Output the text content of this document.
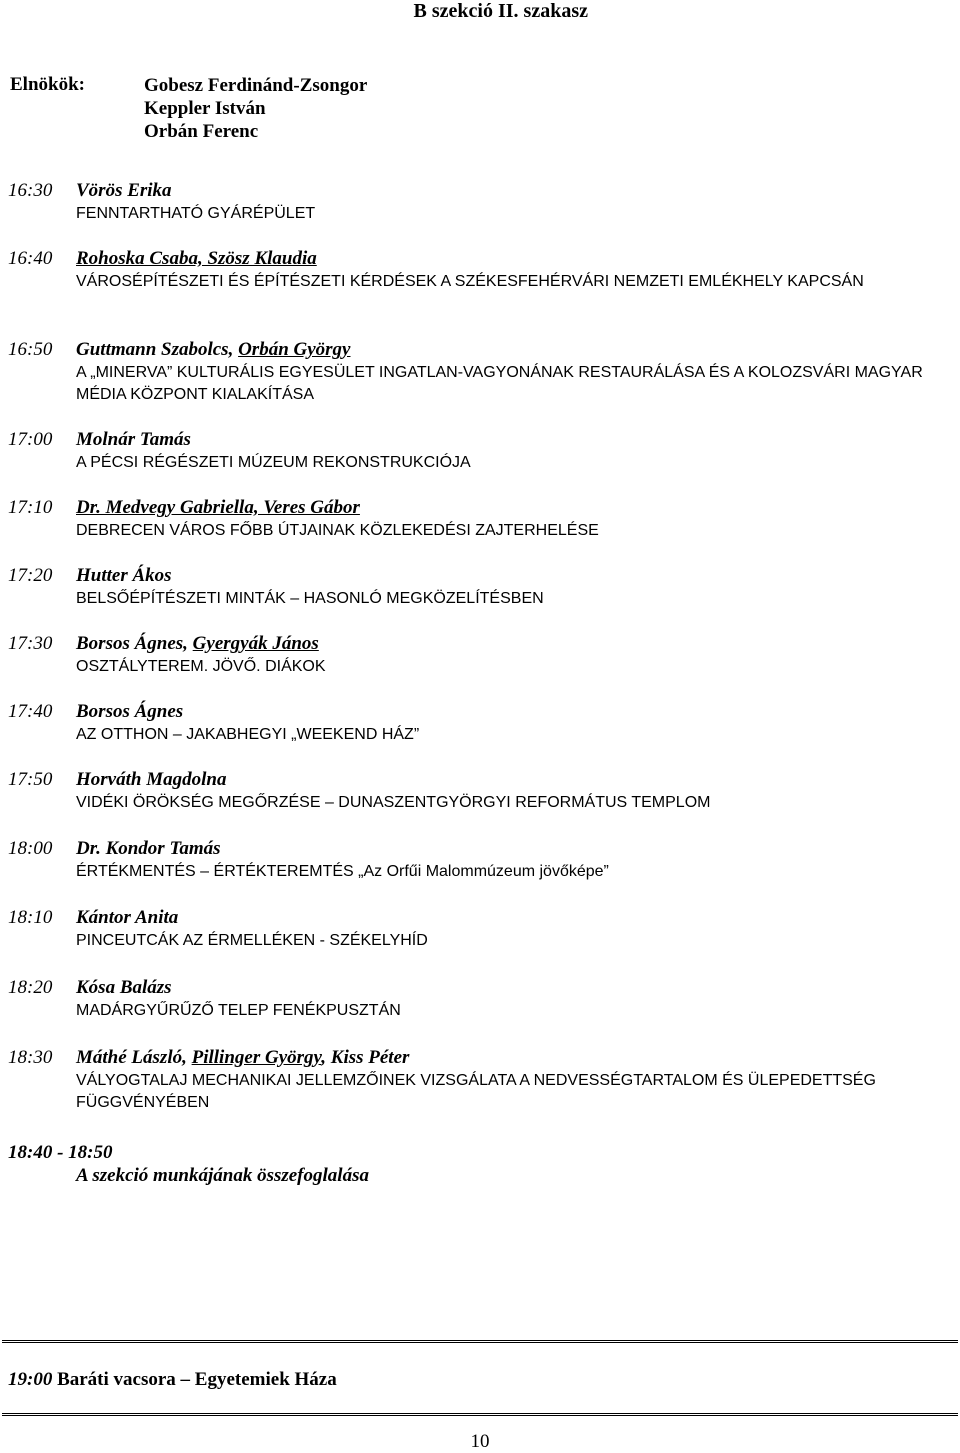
B szekció II. szakasz
Elnökök:	Gobesz Ferdinánd-Zsongor
Keppler István
Orbán Ferenc
16:30 Vörös Erika
FENNTARTHATÓ GYÁRÉPÜLET
16:40 Rohoska Csaba, Szösz Klaudia
VÁROSÉPÍTÉSZETI ÉS ÉPÍTÉSZETI KÉRDÉSEK A SZÉKESFEHÉRVÁRI NEMZETI EMLÉKHELY KAPCSÁN
16:50 Guttmann Szabolcs, Orbán György
A „MINERVA” KULTURÁLIS EGYESÜLET INGATLAN-VAGYONÁNAK RESTAURÁLÁSA ÉS A KOLOZSVÁRI MAGYAR MÉDIA KÖZPONT KIALAKÍTÁSA
17:00 Molnár Tamás
A PÉCSI RÉGÉSZETI MÚZEUM REKONSTRUKCIÓJA
17:10 Dr. Medvegy Gabriella, Veres Gábor
DEBRECEN VÁROS FŐBB ÚTJAINAK KÖZLEKEDÉSI ZAJTERHELÉSE
17:20 Hutter Ákos
BELSŐÉPÍTÉSZETI MINTÁK – HASONLÓ MEGKÖZELÍTÉSBEN
17:30 Borsos Ágnes, Gyergyák János
OSZTÁLYTEREM. JÖVŐ. DIÁKOK
17:40 Borsos Ágnes
AZ OTTHON – JAKABHEGYI „WEEKEND HÁZ”
17:50 Horváth Magdolna
VIDÉKI ÖRÖKSÉG MEGŐRZÉSE – DUNASZENTGYÖRGYI REFORMÁTUS TEMPLOM
18:00 Dr. Kondor Tamás
ÉRTÉKMENTÉS – ÉRTÉKTEREMTÉS „Az Orfűi Malommúzeum jövőképe”
18:10 Kántor Anita
PINCEUTCÁK AZ ÉRMELLÉKEN - SZÉKELYHÍD
18:20 Kósa Balázs
MADÁRGYŰRŰZŐ TELEP FENÉKPUSZTÁN
18:30 Máthé László, Pillinger György, Kiss Péter
VÁLYOGTALAJ MECHANIKAI JELLEMZŐINEK VIZSGÁLATA A NEDVESSÉGTARTALOM ÉS ÜLEPEDETTSÉG FÜGGVÉNYÉBEN
18:40 - 18:50
A szekció munkájának összefoglalása
19:00 Baráti vacsora – Egyetemiek Háza
10
